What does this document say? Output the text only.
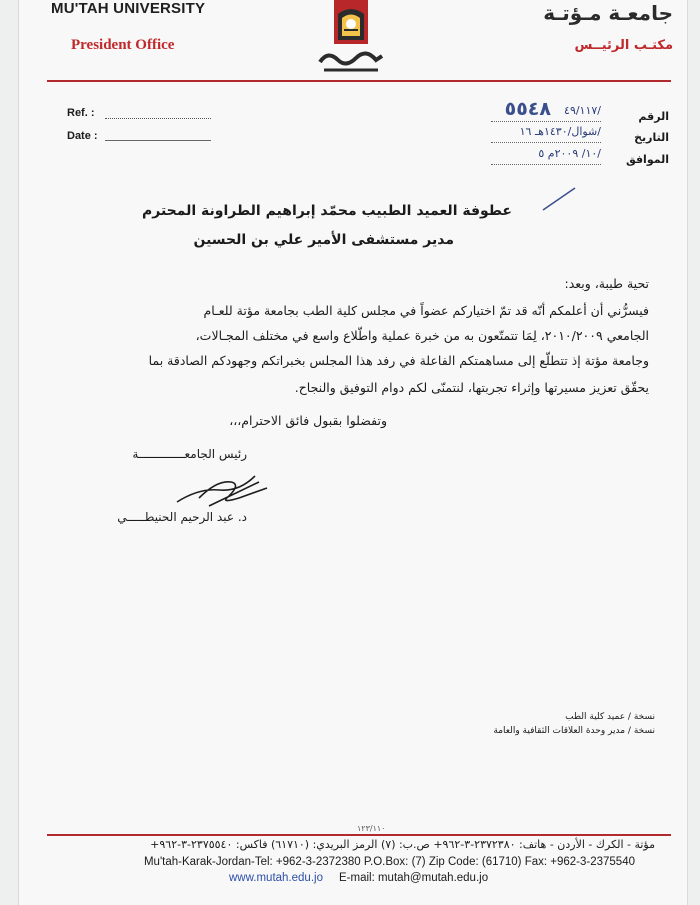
MU'TAH UNIVERSITY
President Office
جامعـة مـؤتـة
مكتـب الرئيــس
Ref. :
Date :
الرقم
التاريخ
الموافق
٥٥٤٨ /٤٩/١١٧
/شوال/١٤٣٠هـ ١٦
/١٠/ ٢٠٠٩م ٥
عطوفة العميد الطبيب محمّد إبراهيم الطراونة المحترم
مدير مستشفى الأمير علي بن الحسين
تحية طيبة، وبعد:
فيسرُّني أن أعلمكم أنّه قد تمّ اختياركم عضواً في مجلس كلية الطب بجامعة مؤتة للعـام
الجامعي ٢٠١٠/٢٠٠٩، لِمَا تتمتّعون به من خبرة عملية واطّلاع واسع في مختلف المجـالات،
وجامعة مؤتة إذ تتطلّع إلى مساهمتكم الفاعلة في رفد هذا المجلس بخبراتكم وجهودكم الصادقة بما
يحقّق تعزيز مسيرتها وإثراء تجربتها، لنتمنّى لكم دوام التوفيق والنجاح.
وتفضلوا بقبول فائق الاحترام،،،
رئيس الجامعـــــــــــــة
د. عبد الرحيم الحنيطـــــي
نسخة / عميد كلية الطب
نسخة / مدير وحدة العلاقات الثقافية والعامة
١٢٣/١١٠
مؤتة - الكرك - الأردن - هاتف: ٢٣٧٢٣٨٠-٣-٩٦٢+ ص.ب: (٧) الرمز البريدي: (٦١٧١٠) فاكس: ٢٣٧٥٥٤٠-٣-٩٦٢+
Mu'tah-Karak-Jordan-Tel: +962-3-2372380 P.O.Box: (7) Zip Code: (61710) Fax: +962-3-2375540
www.mutah.edu.jo E-mail: mutah@mutah.edu.jo
